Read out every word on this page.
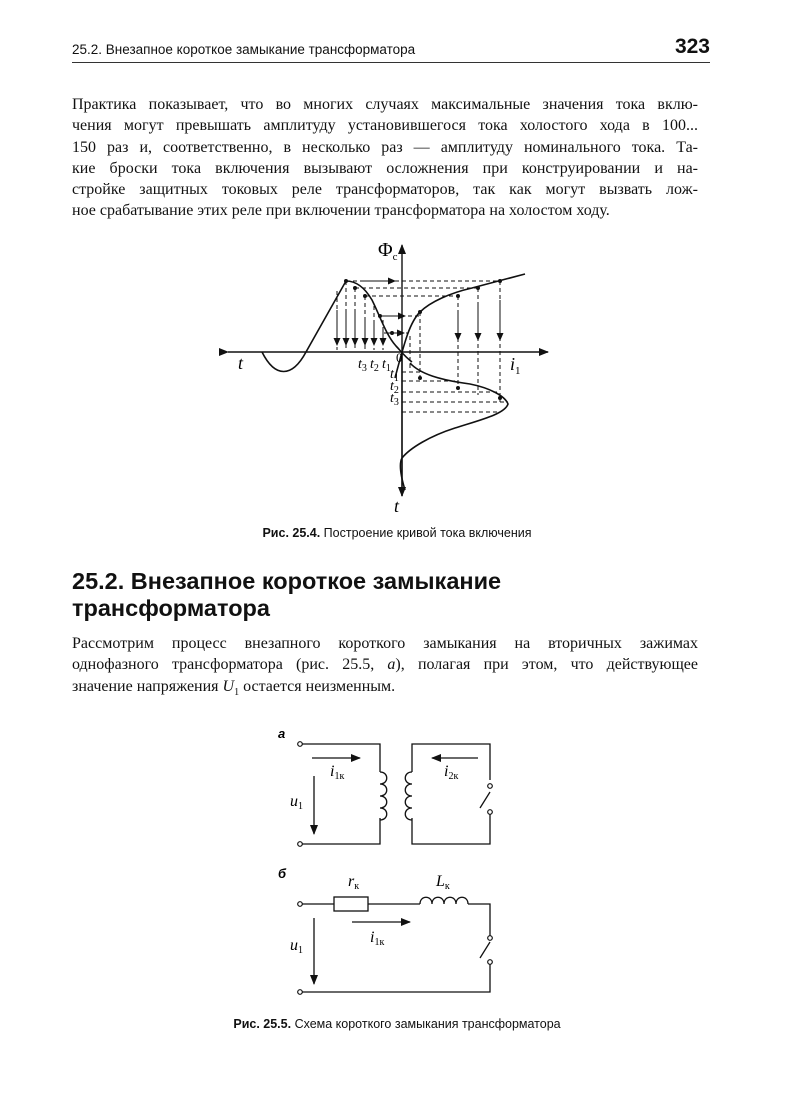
25.2. Внезапное короткое замыкание трансформатора	323

Практика показывает, что во многих случаях максимальные значения тока вклю-
чения могут превышать амплитуду установившегося тока холостого хода в 100...
150 раз и, соответственно, в несколько раз — амплитуду номинального тока. Та-
кие броски тока включения вызывают осложнения при конструировании и на-
стройке защитных токовых реле трансформаторов, так как могут вызвать лож-
ное срабатывание этих реле при включении трансформатора на холостом ходу.

$\Phi_с$
t
t
0	$i_1$
$t_3$ $t_2$ $t_1$ $t_1$
$t_2$
$t_3$
Рис. 25.4. Построение кривой тока включения
25.2. Внезапное короткое замыкание
трансформатора

Рассмотрим процесс внезапного короткого замыкания на вторичных зажимах
однофазного трансформатора (рис. 25.5, а), полагая при этом, что действующее
значение напряжения $U_1$ остается неизменным.

а
б
i1к	i2к
u1
rк	Lк
i1к
u1
Рис. 25.5. Схема короткого замыкания трансформатора
